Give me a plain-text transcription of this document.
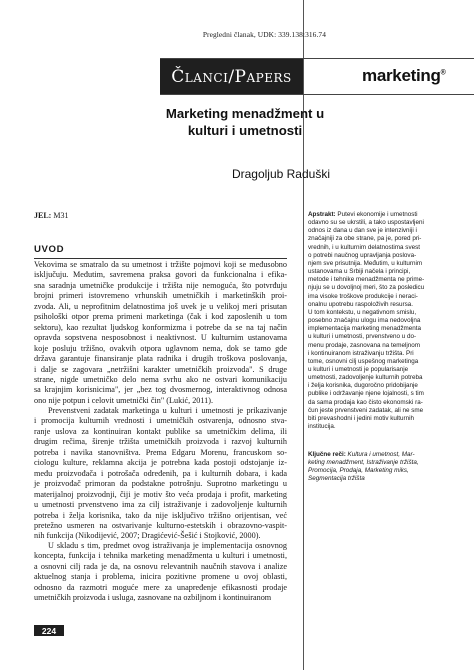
Pregledni članak, UDK: 339.138:316.74
Članci/Papers	marketing®
Marketing menadžment u
kulturi i umetnosti
Dragoljub Raduški
JEL: M31
UVOD
Vekovima se smatralo da su umetnost i tržište pojmovi koji se međusobno
isključuju. Međutim, savremena praksa govori da funkcionalna i efika-
sna saradnja umetničke produkcije i tržišta nije nemoguća, što potvrđuju
brojni primeri istovremeno vrhunskih umetničkih i marketinških proi-
zvoda. Ali, u neprofitnim delatnostima još uvek je u velikoj meri prisutan
psihološki otpor prema primeni marketinga (čak i kod zaposlenih u tom
sektoru), kao rezultat ljudskog konformizma i potrebe da se na taj način
opravda sopstvena nesposobnost i neaktivnost. U kulturnim ustanovama
koje posluju tržišno, ovakvih otpora uglavnom nema, dok se tamo gde
država garantuje finansiranje plata radnika i drugih troškova poslovanja,
i dalje se zagovara „netržišni karakter umetničkih proizvoda". S druge
strane, nigde umetničko delo nema svrhu ako ne ostvari komunikaciju
sa krajnjim korisnicima", jer „bez tog dvosmernog, interaktivnog odnosa
ono nije potpun i celovit umetnički čin" (Lukić, 2011).
Prevenstveni zadatak marketinga u kulturi i umetnosti je prikazivanje
i promocija kulturnih vrednosti i umetničkih ostvarenja, odnosno stva-
ranje uslova za kontinuiran kontakt publike sa umetničkim delima, ili
drugim rečima, širenje tržišta umetničkih proizvoda i razvoj kulturnih
potreba i navika stanovništva. Prema Edgaru Morenu, francuskom so-
ciologu kulture, reklamna akcija je potrebna kada postoji odstojanje iz-
među proizvođača i potrošača određenih, pa i kulturnih dobara, i kada
je proizvođač primoran da podstakne potrošnju. Suprotno marketingu u
materijalnoj proizvodnji, čiji je motiv što veća prodaja i profit, marketing
u umetnosti prvenstveno ima za cilj istraživanje i zadovoljenje kulturnih
potreba i želja korisnika, tako da nije isključivo tržišno orijentisan, već
pretežno usmeren na ostvarivanje kulturno-estetskih i obrazovno-vaspit-
nih funkcija (Nikodijević, 2007; Dragićević-Šešić i Stojković, 2000).
U skladu s tim, predmet ovog istraživanja je implementacija osnovnog
koncepta, funkcija i tehnika marketing menadžmenta u kulturi i umetnosti,
a osnovni cilj rada je da, na osnovu relevantnih naučnih stavova i analize
aktuelnog stanja i problema, inicira pozitivne promene u ovoj oblasti,
odnosno da razmotri moguće mere za unapređenje efikasnosti prodaje
umetničkih proizvoda i usluga, zasnovane na ozbiljnom i kontinuiranom
Apstrakt: Putevi ekonomije i umetnosti
odavno su se ukrstili, a tako uspostavljeni
odnos iz dana u dan sve je intenzivniji i
značajniji za obe strane, pa je, pored pri-
vrednih, i u kulturnim delatnostima svest
o potrebi naučnog upravljanja poslova-
njem sve prisutnija. Međutim, u kulturnim
ustanovama u Srbiji načela i principi,
metode i tehnike menadžmenta ne prime-
njuju se u dovoljnoj meri, što za posledicu
ima visoke troškove produkcije i neraci-
onalnu upotrebu raspoloživih resursa.
U tom kontekstu, u negativnom smislu,
posebno značajnu ulogu ima nedovoljna
implementacija marketing menadžmenta
u kulturi i umetnosti, prvenstveno u do-
menu prodaje, zasnovana na temeljnom
i kontinuiranom istraživanju tržišta. Pri
tome, osnovni cilj uspešnog marketinga
u kulturi i umetnosti je popularisanje
umetnosti, zadovoljenje kulturnih potreba
i želja korisnika, dugoročno pridobijanje
publike i održavanje njene lojalnosti, s tim
da sama prodaja kao čisto ekonomski ra-
čun jeste prvenstveni zadatak, ali ne sme
biti prevashodni i jedini motiv kulturnih
institucija.
Ključne reči: Kultura i umetnost, Mar-
keting menadžment, Istraživanje tržišta,
Promocija, Prodaja, Marketing miks,
Segmentacija tržišta
224
